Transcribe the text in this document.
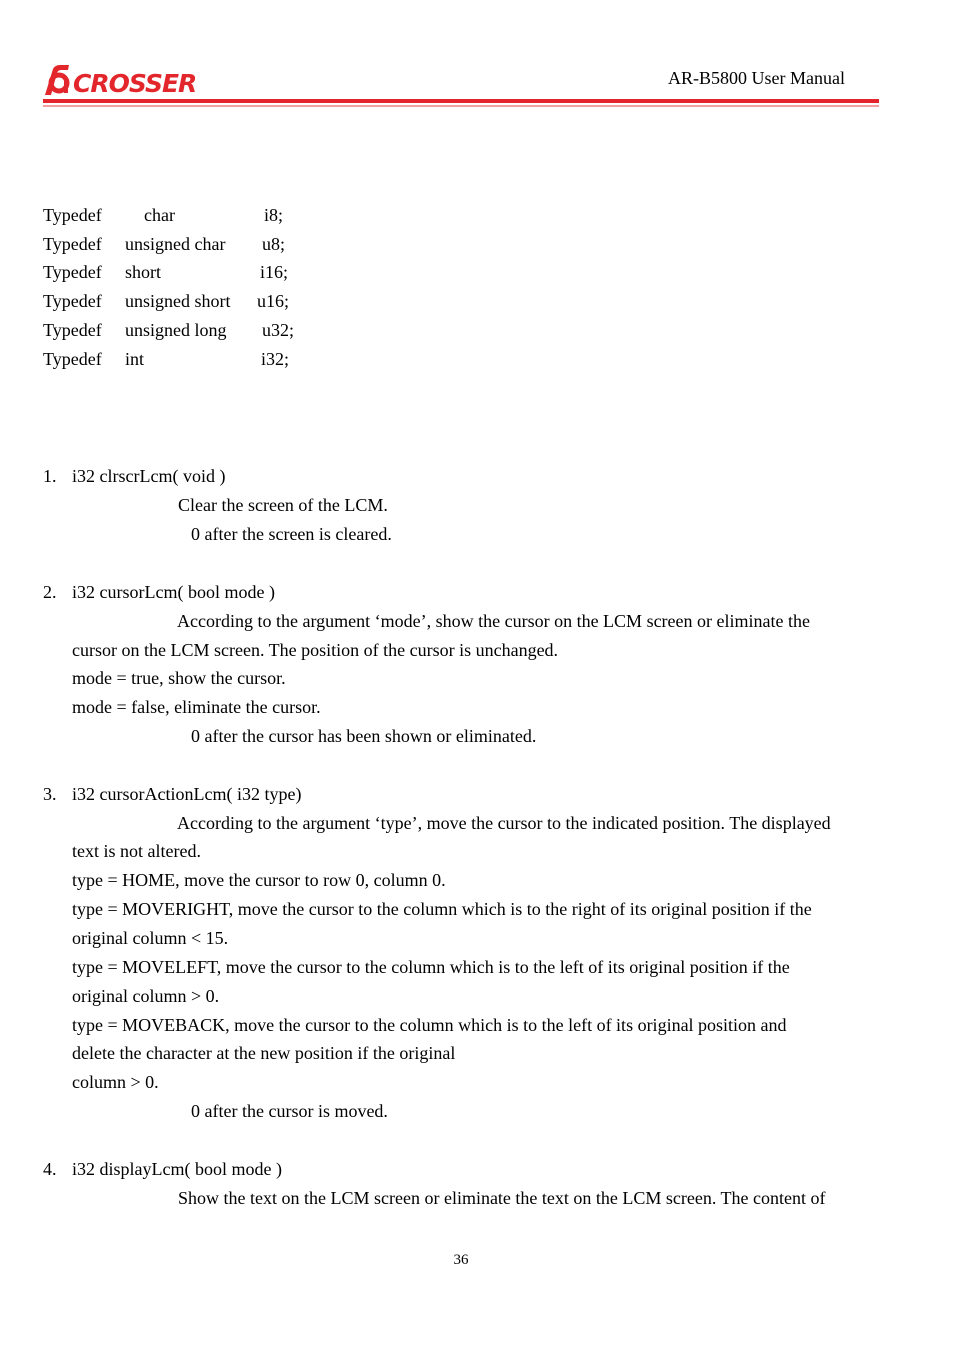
CROSSER	AR-B5800 User Manual
Typedef char	i8;
Typedef unsigned char u8;
Typedef short	i16;
Typedef unsigned short u16;
Typedef unsigned long u32;
Typedef int	i32;
1. i32 clrscrLcm( void )
Clear the screen of the LCM.
0 after the screen is cleared.
2. i32 cursorLcm( bool mode )
According to the argument ‘mode’, show the cursor on the LCM screen or eliminate the
cursor on the LCM screen. The position of the cursor is unchanged.
mode = true, show the cursor.
mode = false, eliminate the cursor.
0 after the cursor has been shown or eliminated.
3. i32 cursorActionLcm( i32 type)
According to the argument ‘type’, move the cursor to the indicated position. The displayed
text is not altered.
type = HOME, move the cursor to row 0, column 0.
type = MOVERIGHT, move the cursor to the column which is to the right of its original position if the
original column < 15.
type = MOVELEFT, move the cursor to the column which is to the left of its original position if the
original column > 0.
type = MOVEBACK, move the cursor to the column which is to the left of its original position and
delete the character at the new position if the original
column > 0.
0 after the cursor is moved.
4. i32 displayLcm( bool mode )
Show the text on the LCM screen or eliminate the text on the LCM screen. The content of
36
